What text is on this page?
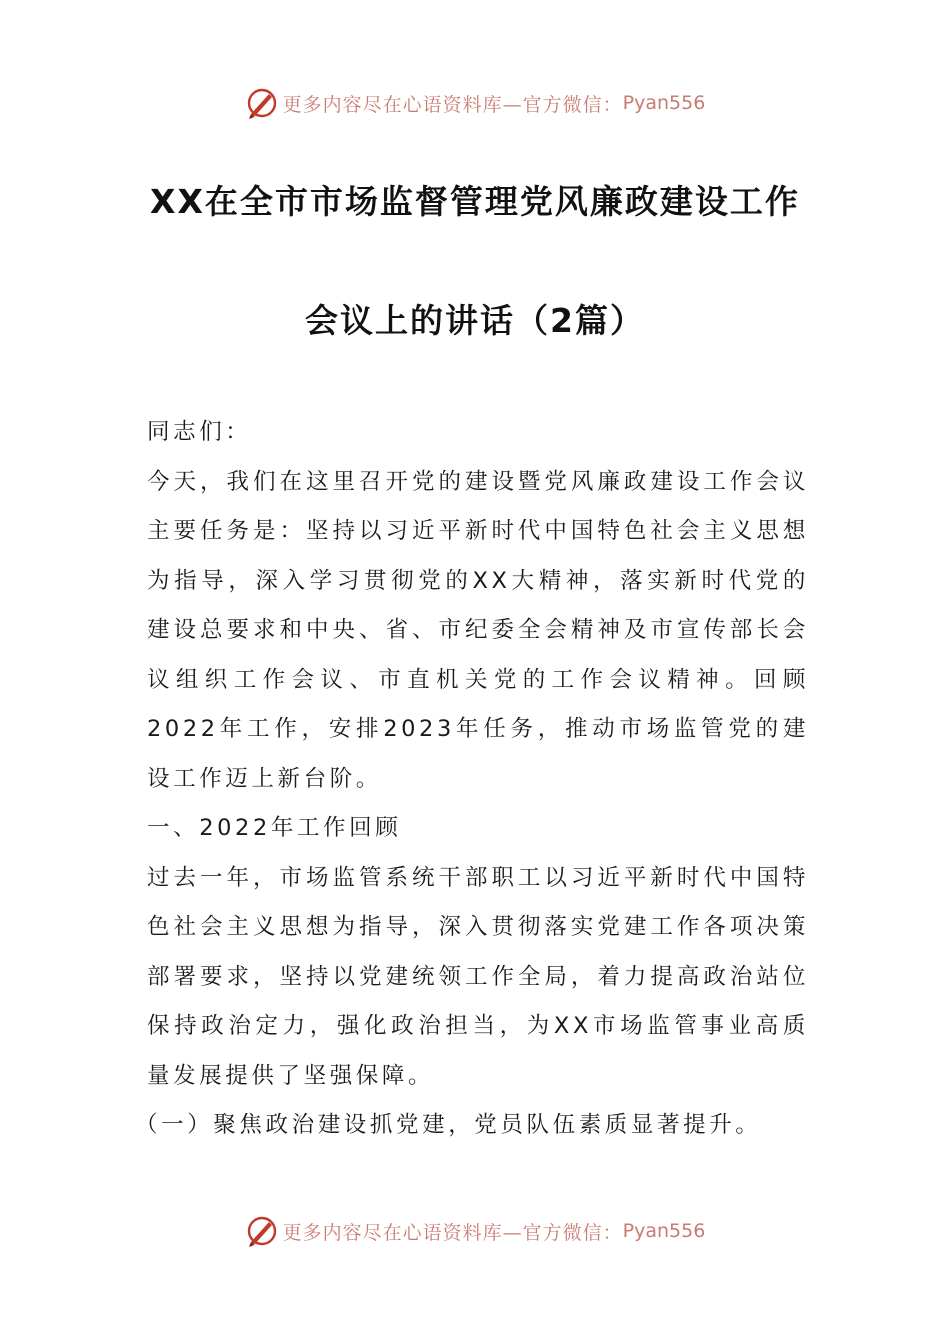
更多内容尽在心语资料库—官方微信： Pyan556
XX在全市市场监督管理党风廉政建设工作
会议上的讲话（2篇）

同志们：

今天，我们在这里召开党的建设暨党风廉政建设工作会议主要任务是：坚持以习近平新时代中国特色社会主义思想为指导，深入学习贯彻党的XX大精神，落实新时代党的建设总要求和中央、省、市纪委全会精神及市宣传部长会议组织工作会议、市直机关党的工作会议精神。回顾2022年工作，安排2023年任务，推动市场监管党的建设工作迈上新台阶。

一、2022年工作回顾

过去一年，市场监管系统干部职工以习近平新时代中国特色社会主义思想为指导，深入贯彻落实党建工作各项决策部署要求，坚持以党建统领工作全局，着力提高政治站位保持政治定力，强化政治担当，为XX市场监管事业高质量发展提供了坚强保障。

（一）聚焦政治建设抓党建，党员队伍素质显著提升。

更多内容尽在心语资料库—官方微信： Pyan556
